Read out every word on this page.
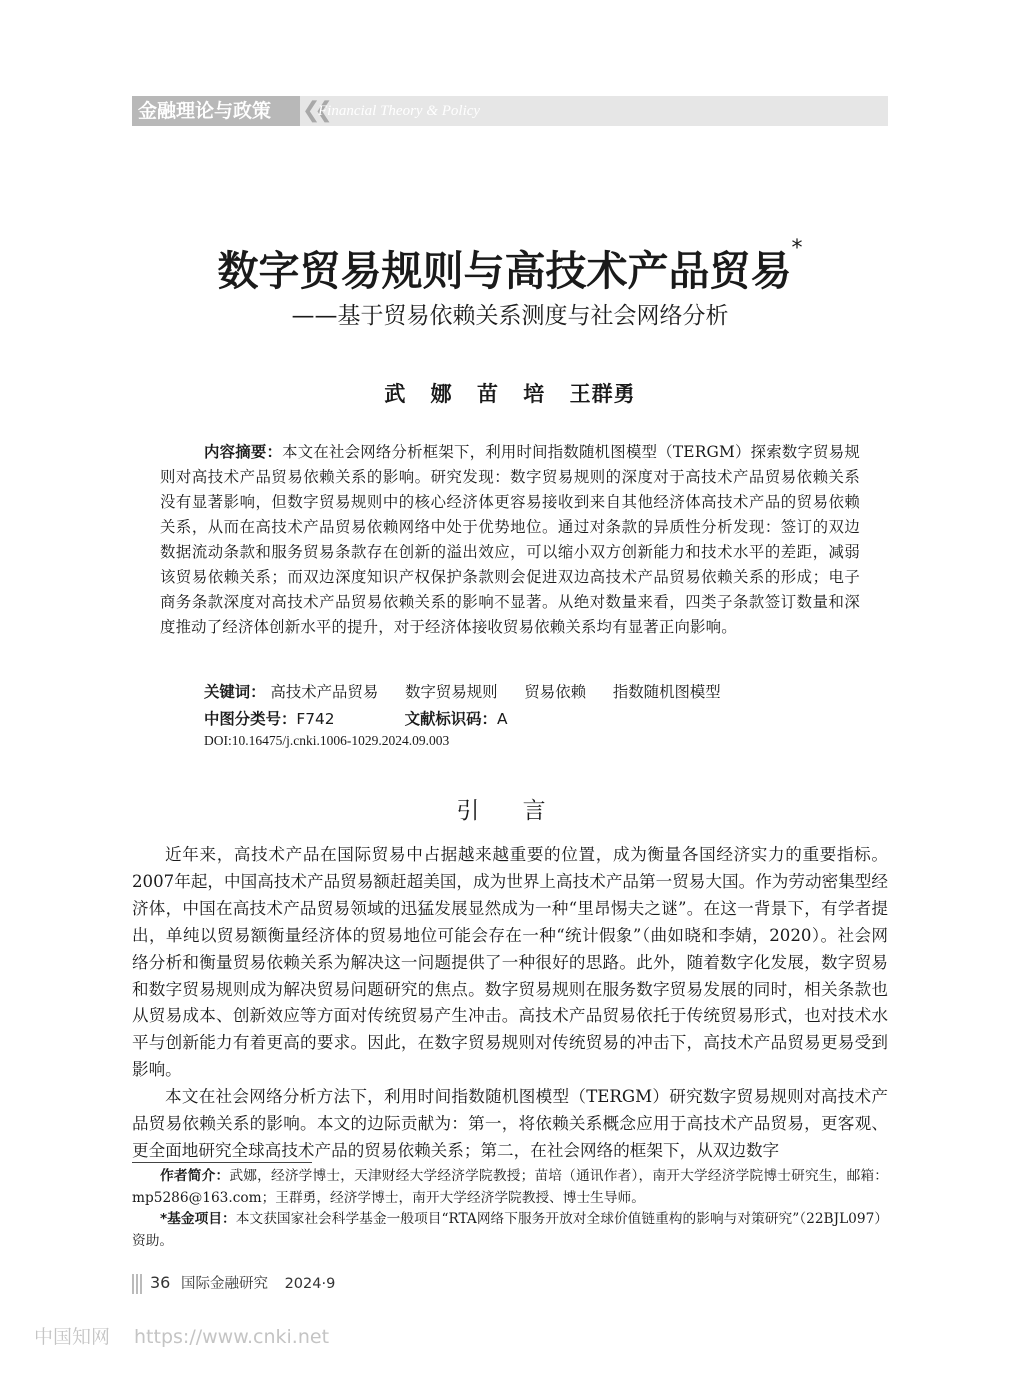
金融理论与政策	❮❮
Financial Theory & Policy
数字贸易规则与高技术产品贸易*
——基于贸易依赖关系测度与社会网络分析
武 娜 苗 培 王群勇
内容摘要：本文在社会网络分析框架下，利用时间指数随机图模型（TERGM）探索数字贸易规则对高技术产品贸易依赖关系的影响。研究发现：数字贸易规则的深度对于高技术产品贸易依赖关系没有显著影响，但数字贸易规则中的核心经济体更容易接收到来自其他经济体高技术产品的贸易依赖关系，从而在高技术产品贸易依赖网络中处于优势地位。通过对条款的异质性分析发现：签订的双边数据流动条款和服务贸易条款存在创新的溢出效应，可以缩小双方创新能力和技术水平的差距，减弱该贸易依赖关系；而双边深度知识产权保护条款则会促进双边高技术产品贸易依赖关系的形成；电子商务条款深度对高技术产品贸易依赖关系的影响不显著。从绝对数量来看，四类子条款签订数量和深度推动了经济体创新水平的提升，对于经济体接收贸易依赖关系均有显著正向影响。
关键词： 高技术产品贸易 数字贸易规则 贸易依赖 指数随机图模型
中图分类号：F742	文献标识码：A
DOI:10.16475/j.cnki.1006-1029.2024.09.003
引 言

近年来，高技术产品在国际贸易中占据越来越重要的位置，成为衡量各国经济实力的重要指标。2007年起，中国高技术产品贸易额赶超美国，成为世界上高技术产品第一贸易大国。作为劳动密集型经济体，中国在高技术产品贸易领域的迅猛发展显然成为一种“里昂惕夫之谜”。在这一背景下，有学者提出，单纯以贸易额衡量经济体的贸易地位可能会存在一种“统计假象”（曲如晓和李婧，2020）。社会网络分析和衡量贸易依赖关系为解决这一问题提供了一种很好的思路。此外，随着数字化发展，数字贸易和数字贸易规则成为解决贸易问题研究的焦点。数字贸易规则在服务数字贸易发展的同时，相关条款也从贸易成本、创新效应等方面对传统贸易产生冲击。高技术产品贸易依托于传统贸易形式，也对技术水平与创新能力有着更高的要求。因此，在数字贸易规则对传统贸易的冲击下，高技术产品贸易更易受到影响。

本文在社会网络分析方法下，利用时间指数随机图模型（TERGM）研究数字贸易规则对高技术产品贸易依赖关系的影响。本文的边际贡献为：第一，将依赖关系概念应用于高技术产品贸易，更客观、更全面地研究全球高技术产品的贸易依赖关系；第二，在社会网络的框架下，从双边数字

作者简介：武娜，经济学博士，天津财经大学经济学院教授；苗培（通讯作者），南开大学经济学院博士研究生，邮箱：mp5286@163.com；王群勇，经济学博士，南开大学经济学院教授、博士生导师。

*基金项目：本文获国家社会科学基金一般项目“RTA网络下服务开放对全球价值链重构的影响与对策研究”（22BJL097）资助。

36 国际金融研究 2024·9
中国知网 https://www.cnki.net
